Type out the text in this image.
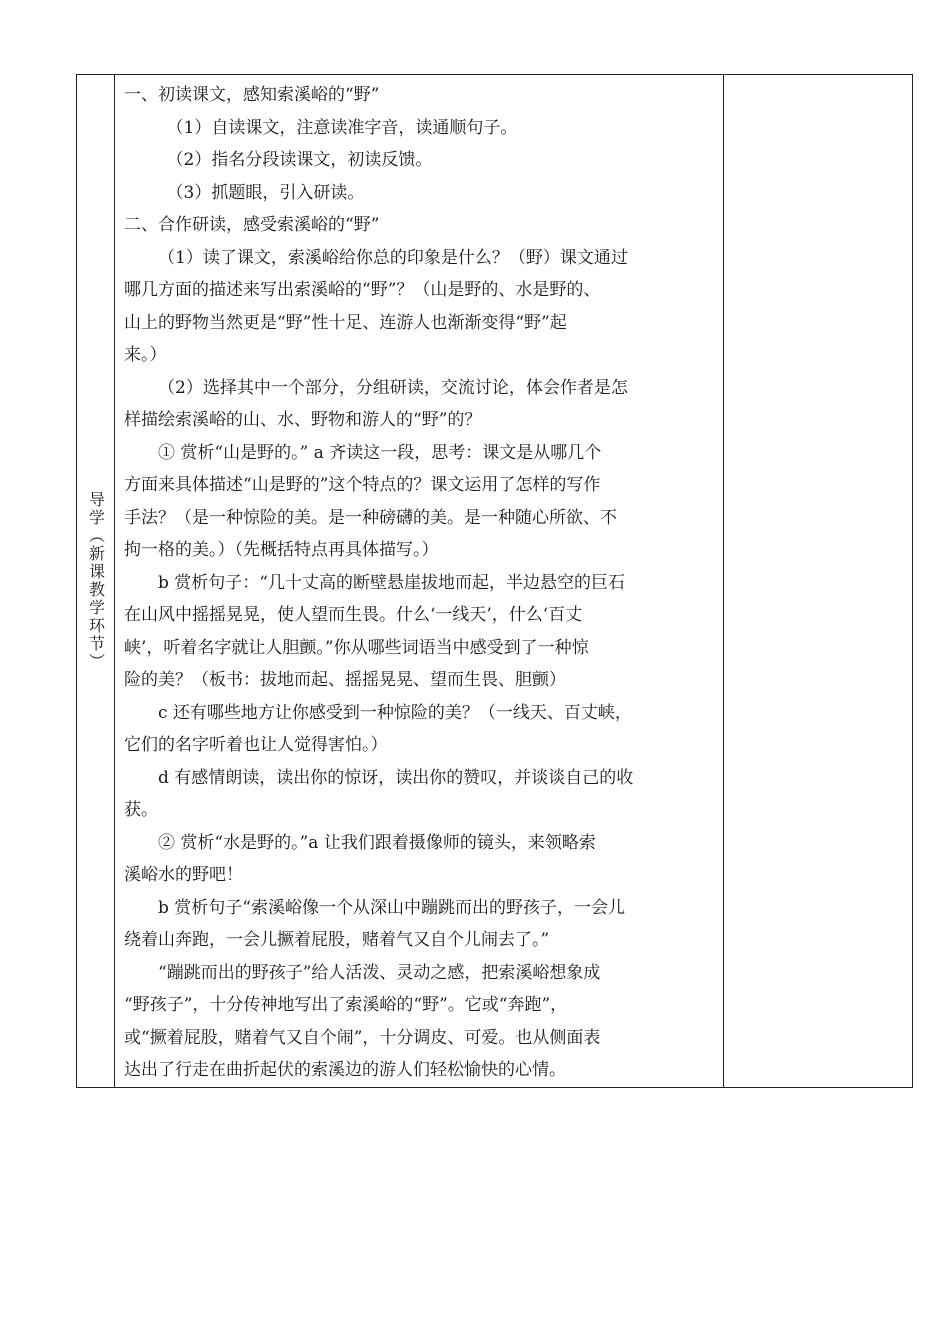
导学（新课教学环节）

一、初读课文，感知索溪峪的“野”

（1）自读课文，注意读准字音，读通顺句子。

（2）指名分段读课文，初读反馈。

（3）抓题眼，引入研读。

二、合作研读，感受索溪峪的“野”

（1）读了课文，索溪峪给你总的印象是什么？（野）课文通过

哪几方面的描述来写出索溪峪的“野”？（山是野的、水是野的、

山上的野物当然更是“野”性十足、连游人也渐渐变得“野”起

来。）

（2）选择其中一个部分，分组研读，交流讨论，体会作者是怎

样描绘索溪峪的山、水、野物和游人的“野”的？

① 赏析“山是野的。” a 齐读这一段，思考：课文是从哪几个

方面来具体描述“山是野的”这个特点的？课文运用了怎样的写作

手法？（是一种惊险的美。是一种磅礴的美。是一种随心所欲、不

拘一格的美。）（先概括特点再具体描写。）

b 赏析句子：“几十丈高的断壁悬崖拔地而起，半边悬空的巨石

在山风中摇摇晃晃，使人望而生畏。什么‘一线天’，什么‘百丈

峡’，听着名字就让人胆颤。”你从哪些词语当中感受到了一种惊

险的美？（板书：拔地而起、摇摇晃晃、望而生畏、胆颤）

c 还有哪些地方让你感受到一种惊险的美？（一线天、百丈峡，

它们的名字听着也让人觉得害怕。）

d 有感情朗读，读出你的惊讶，读出你的赞叹，并谈谈自己的收

获。

② 赏析“水是野的。”a 让我们跟着摄像师的镜头，来领略索

溪峪水的野吧！

b 赏析句子“索溪峪像一个从深山中蹦跳而出的野孩子，一会儿

绕着山奔跑，一会儿撅着屁股，赌着气又自个儿闹去了。”

“蹦跳而出的野孩子”给人活泼、灵动之感，把索溪峪想象成

“野孩子”，十分传神地写出了索溪峪的“野”。它或“奔跑”，

或“撅着屁股，赌着气又自个闹”，十分调皮、可爱。也从侧面表

达出了行走在曲折起伏的索溪边的游人们轻松愉快的心情。
